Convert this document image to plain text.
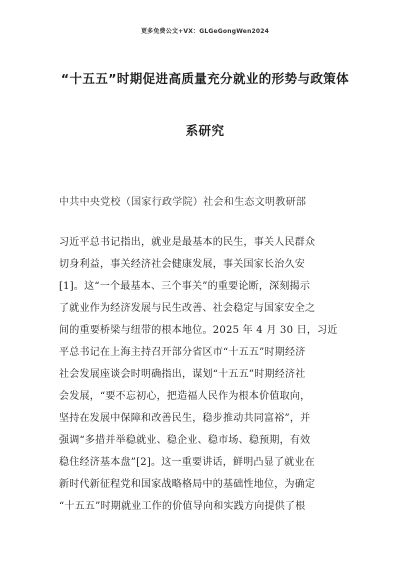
更多免费公文+VX：GLGeGongWen2024
“十五五”时期促进高质量充分就业的形势与政策体
系研究
中共中央党校（国家行政学院）社会和生态文明教研部
习近平总书记指出，就业是最基本的民生，事关人民群众
切身利益，事关经济社会健康发展，事关国家长治久安
[1]。这“一个最基本、三个事关”的重要论断，深刻揭示
了就业作为经济发展与民生改善、社会稳定与国家安全之
间的重要桥梁与纽带的根本地位。2025 年 4 月 30 日，习近
平总书记在上海主持召开部分省区市“十五五”时期经济
社会发展座谈会时明确指出，谋划“十五五”时期经济社
会发展，“要不忘初心，把造福人民作为根本价值取向，
坚持在发展中保障和改善民生，稳步推动共同富裕”，并
强调“多措并举稳就业、稳企业、稳市场、稳预期，有效
稳住经济基本盘”[2]。这一重要讲话，鲜明凸显了就业在
新时代新征程党和国家战略格局中的基础性地位，为确定
“十五五”时期就业工作的价值导向和实践方向提供了根
